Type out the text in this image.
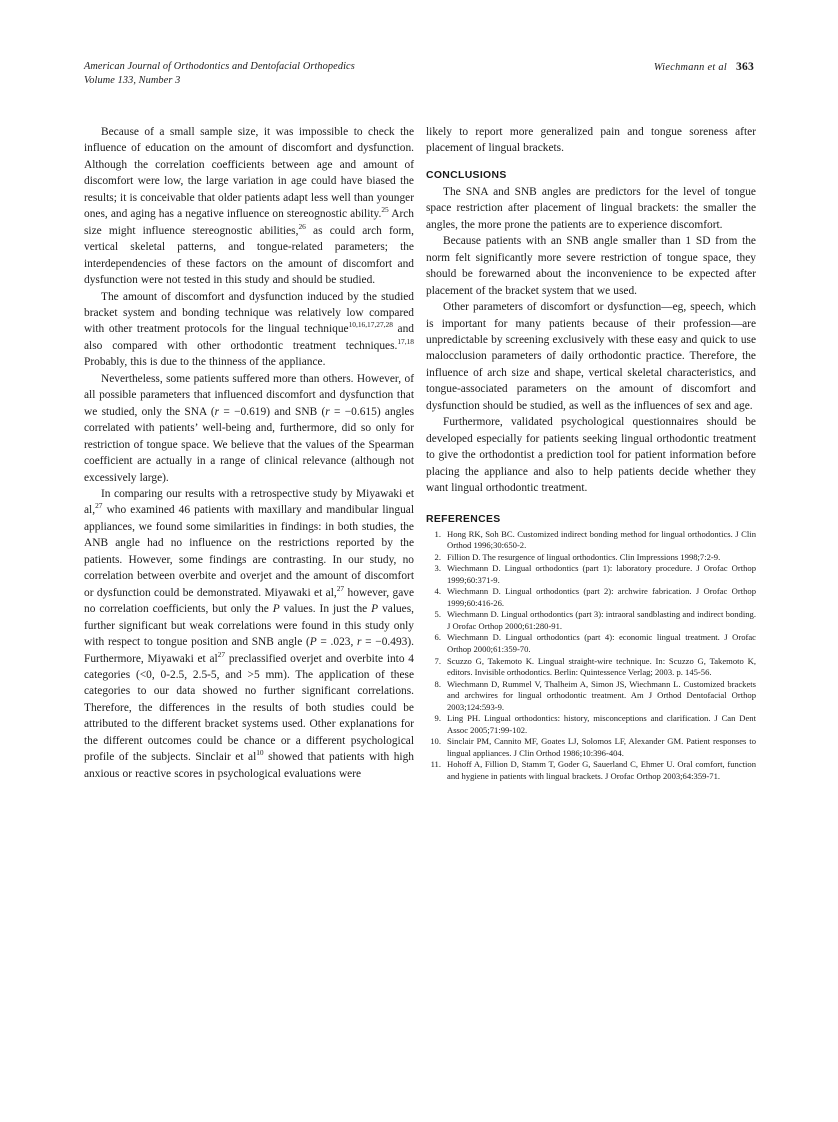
American Journal of Orthodontics and Dentofacial Orthopedics
Volume 133, Number 3
Wiechmann et al 363

Because of a small sample size, it was impossible to check the influence of education on the amount of discomfort and dysfunction. Although the correlation coefficients between age and amount of discomfort were low, the large variation in age could have biased the results; it is conceivable that older patients adapt less well than younger ones, and aging has a negative influence on stereognostic ability.$^{25}$ Arch size might influence stereognostic abilities,$^{26}$ as could arch form, vertical skeletal patterns, and tongue-related parameters; the interdependencies of these factors on the amount of discomfort and dysfunction were not tested in this study and should be studied.

The amount of discomfort and dysfunction induced by the studied bracket system and bonding technique was relatively low compared with other treatment protocols for the lingual technique$^{10,16,17,27,28}$ and also compared with other orthodontic treatment techniques.$^{17,18}$ Probably, this is due to the thinness of the appliance.

Nevertheless, some patients suffered more than others. However, of all possible parameters that influenced discomfort and dysfunction that we studied, only the SNA (r = −0.619) and SNB (r = −0.615) angles correlated with patients’ well-being and, furthermore, did so only for restriction of tongue space. We believe that the values of the Spearman coefficient are actually in a range of clinical relevance (although not excessively large).

In comparing our results with a retrospective study by Miyawaki et al,$^{27}$ who examined 46 patients with maxillary and mandibular lingual appliances, we found some similarities in findings: in both studies, the ANB angle had no influence on the restrictions reported by the patients. However, some findings are contrasting. In our study, no correlation between overbite and overjet and the amount of discomfort or dysfunction could be demonstrated. Miyawaki et al,$^{27}$ however, gave no correlation coefficients, but only the P values. In just the P values, further significant but weak correlations were found in this study only with respect to tongue position and SNB angle (P = .023, r = −0.493). Furthermore, Miyawaki et $al^{27}$ preclassified overjet and overbite into 4 categories (<0, 0-2.5, 2.5-5, and >5 mm). The application of these categories to our data showed no further significant correlations. Therefore, the differences in the results of both studies could be attributed to the different bracket systems used. Other explanations for the different outcomes could be chance or a different psychological profile of the subjects. Sinclair et $al^{10}$ showed that patients with high anxious or reactive scores in psychological evaluations were

likely to report more generalized pain and tongue soreness after placement of lingual brackets.

CONCLUSIONS

The SNA and SNB angles are predictors for the level of tongue space restriction after placement of lingual brackets: the smaller the angles, the more prone the patients are to experience discomfort.

Because patients with an SNB angle smaller than 1 SD from the norm felt significantly more severe restriction of tongue space, they should be forewarned about the inconvenience to be expected after placement of the bracket system that we used.

Other parameters of discomfort or dysfunction—eg, speech, which is important for many patients because of their profession—are unpredictable by screening exclusively with these easy and quick to use malocclusion parameters of daily orthodontic practice. Therefore, the influence of arch size and shape, vertical skeletal characteristics, and tongue-associated parameters on the amount of discomfort and dysfunction should be studied, as well as the influences of sex and age.

Furthermore, validated psychological questionnaires should be developed especially for patients seeking lingual orthodontic treatment to give the orthodontist a prediction tool for patient information before placing the appliance and also to help patients decide whether they want lingual orthodontic treatment.

REFERENCES
1 . Hong RK, Soh BC. Customized indirect bonding method for lingual orthodontics. J Clin Orthod 1996;30:650-2.
2 . Fillion D. The resurgence of lingual orthodontics. Clin Impressions 1998;7:2-9.
3 . Wiechmann D. Lingual orthodontics (part 1): laboratory procedure. J Orofac Orthop 1999;60:371-9.
4 . Wiechmann D. Lingual orthodontics (part 2): archwire fabrication. J Orofac Orthop 1999;60:416-26.
5 . Wiechmann D. Lingual orthodontics (part 3): intraoral sandblasting and indirect bonding. J Orofac Orthop 2000;61:280-91.
6 . Wiechmann D. Lingual orthodontics (part 4): economic lingual treatment. J Orofac Orthop 2000;61:359-70.
7 . Scuzzo G, Takemoto K. Lingual straight-wire technique. In: Scuzzo G, Takemoto K, editors. Invisible orthodontics. Berlin: Quintessence Verlag; 2003. p. 145-56.
8 . Wiechmann D, Rummel V, Thalheim A, Simon JS, Wiechmann L. Customized brackets and archwires for lingual orthodontic treatment. Am J Orthod Dentofacial Orthop 2003;124:593-9.
9 . Ling PH. Lingual orthodontics: history, misconceptions and clarification. J Can Dent Assoc 2005;71:99-102.
10 . Sinclair PM, Cannito MF, Goates LJ, Solomos LF, Alexander GM. Patient responses to lingual appliances. J Clin Orthod 1986;10:396-404.
11 . Hohoff A, Fillion D, Stamm T, Goder G, Sauerland C, Ehmer U. Oral comfort, function and hygiene in patients with lingual brackets. J Orofac Orthop 2003;64:359-71.
